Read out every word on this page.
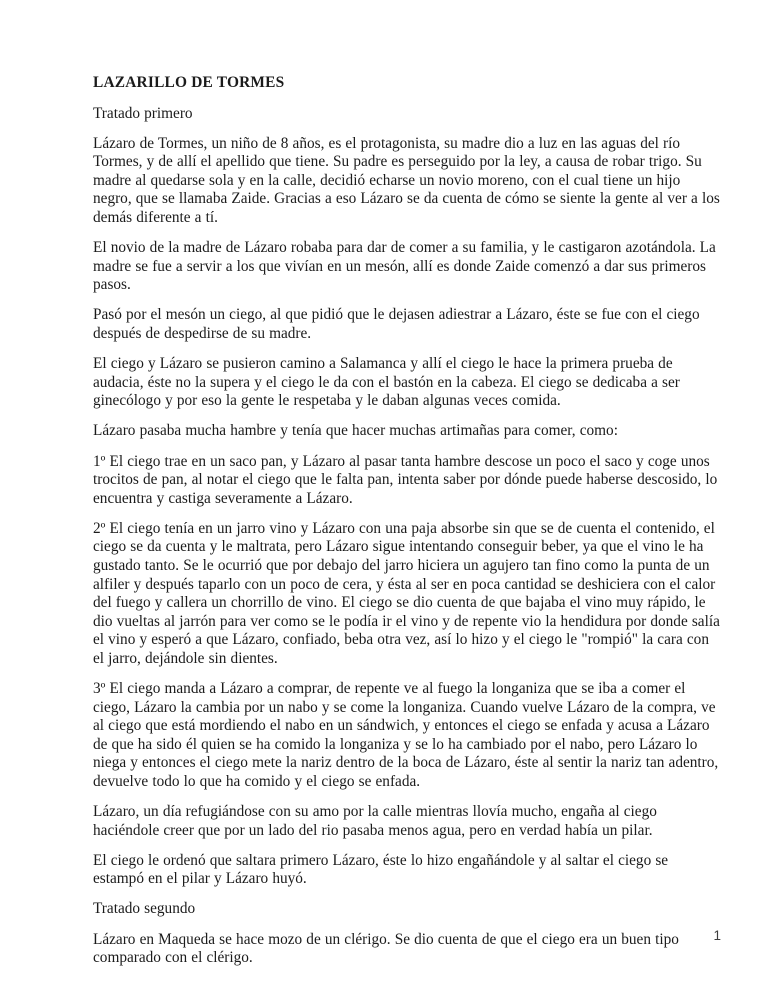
LAZARILLO DE TORMES

Tratado primero

Lázaro de Tormes, un niño de 8 años, es el protagonista, su madre dio a luz en las aguas del río Tormes, y de allí el apellido que tiene. Su padre es perseguido por la ley, a causa de robar trigo. Su madre al quedarse sola y en la calle, decidió echarse un novio moreno, con el cual tiene un hijo negro, que se llamaba Zaide. Gracias a eso Lázaro se da cuenta de cómo se siente la gente al ver a los demás diferente a tí.

El novio de la madre de Lázaro robaba para dar de comer a su familia, y le castigaron azotándola. La madre se fue a servir a los que vivían en un mesón, allí es donde Zaide comenzó a dar sus primeros pasos.

Pasó por el mesón un ciego, al que pidió que le dejasen adiestrar a Lázaro, éste se fue con el ciego después de despedirse de su madre.

El ciego y Lázaro se pusieron camino a Salamanca y allí el ciego le hace la primera prueba de audacia, éste no la supera y el ciego le da con el bastón en la cabeza. El ciego se dedicaba a ser ginecólogo y por eso la gente le respetaba y le daban algunas veces comida.

Lázaro pasaba mucha hambre y tenía que hacer muchas artimañas para comer, como:

1º El ciego trae en un saco pan, y Lázaro al pasar tanta hambre descose un poco el saco y coge unos trocitos de pan, al notar el ciego que le falta pan, intenta saber por dónde puede haberse descosido, lo encuentra y castiga severamente a Lázaro.

2º El ciego tenía en un jarro vino y Lázaro con una paja absorbe sin que se de cuenta el contenido, el ciego se da cuenta y le maltrata, pero Lázaro sigue intentando conseguir beber, ya que el vino le ha gustado tanto. Se le ocurrió que por debajo del jarro hiciera un agujero tan fino como la punta de un alfiler y después taparlo con un poco de cera, y ésta al ser en poca cantidad se deshiciera con el calor del fuego y callera un chorrillo de vino. El ciego se dio cuenta de que bajaba el vino muy rápido, le dio vueltas al jarrón para ver como se le podía ir el vino y de repente vio la hendidura por donde salía el vino y esperó a que Lázaro, confiado, beba otra vez, así lo hizo y el ciego le "rompió" la cara con el jarro, dejándole sin dientes.

3º El ciego manda a Lázaro a comprar, de repente ve al fuego la longaniza que se iba a comer el ciego, Lázaro la cambia por un nabo y se come la longaniza. Cuando vuelve Lázaro de la compra, ve al ciego que está mordiendo el nabo en un sándwich, y entonces el ciego se enfada y acusa a Lázaro de que ha sido él quien se ha comido la longaniza y se lo ha cambiado por el nabo, pero Lázaro lo niega y entonces el ciego mete la nariz dentro de la boca de Lázaro, éste al sentir la nariz tan adentro, devuelve todo lo que ha comido y el ciego se enfada.

Lázaro, un día refugiándose con su amo por la calle mientras llovía mucho, engaña al ciego haciéndole creer que por un lado del rio pasaba menos agua, pero en verdad había un pilar.

El ciego le ordenó que saltara primero Lázaro, éste lo hizo engañándole y al saltar el ciego se estampó en el pilar y Lázaro huyó.

Tratado segundo

Lázaro en Maqueda se hace mozo de un clérigo. Se dio cuenta de que el ciego era un buen tipo comparado con el clérigo.

1
